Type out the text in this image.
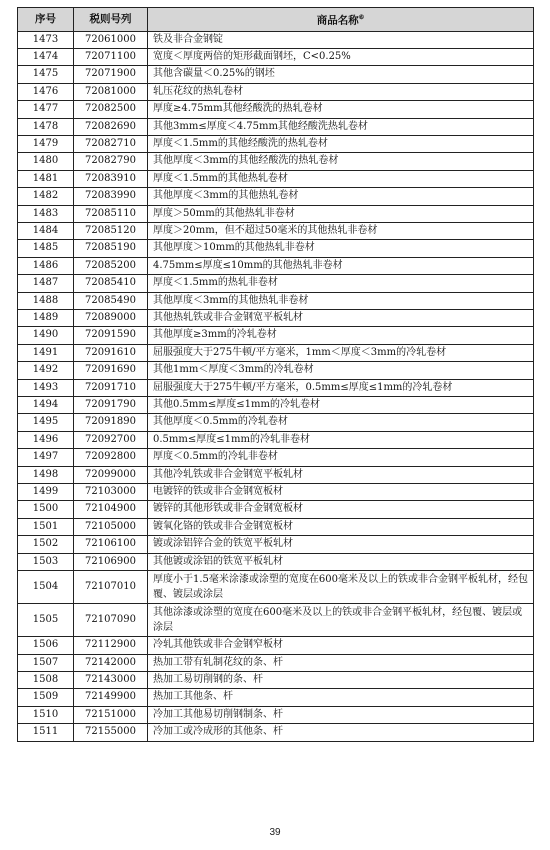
序号	税则号列	商品名称⑥
1473	72061000	铁及非合金钢锭
1474	72071100	宽度＜厚度两倍的矩形截面钢坯，C<0.25%
1475	72071900	其他含碳量＜0.25%的钢坯
1476	72081000	轧压花纹的热轧卷材
1477	72082500	厚度≥4.75mm其他经酸洗的热轧卷材
1478	72082690	其他3mm≤厚度＜4.75mm其他经酸洗热轧卷材
1479	72082710	厚度＜1.5mm的其他经酸洗的热轧卷材
1480	72082790	其他厚度＜3mm的其他经酸洗的热轧卷材
1481	72083910	厚度＜1.5mm的其他热轧卷材
1482	72083990	其他厚度＜3mm的其他热轧卷材
1483	72085110	厚度＞50mm的其他热轧非卷材
1484	72085120	厚度＞20mm，但不超过50毫米的其他热轧非卷材
1485	72085190	其他厚度＞10mm的其他热轧非卷材
1486	72085200	4.75mm≤厚度≤10mm的其他热轧非卷材
1487	72085410	厚度＜1.5mm的热轧非卷材
1488	72085490	其他厚度＜3mm的其他热轧非卷材
1489	72089000	其他热轧铁或非合金钢宽平板轧材
1490	72091590	其他厚度≥3mm的冷轧卷材
1491	72091610	屈服强度大于275牛顿/平方毫米，1mm＜厚度＜3mm的冷轧卷材
1492	72091690	其他1mm＜厚度＜3mm的冷轧卷材
1493	72091710	屈服强度大于275牛顿/平方毫米，0.5mm≤厚度≤1mm的冷轧卷材
1494	72091790	其他0.5mm≤厚度≤1mm的冷轧卷材
1495	72091890	其他厚度＜0.5mm的冷轧卷材
1496	72092700	0.5mm≤厚度≤1mm的冷轧非卷材
1497	72092800	厚度＜0.5mm的冷轧非卷材
1498	72099000	其他冷轧铁或非合金钢宽平板轧材
1499	72103000	电镀锌的铁或非合金钢宽板材
1500	72104900	镀锌的其他形铁或非合金钢宽板材
1501	72105000	镀氧化铬的铁或非合金钢宽板材
1502	72106100	镀或涂铝锌合金的铁宽平板轧材
1503	72106900	其他镀或涂铝的铁宽平板轧材
1504	72107010	厚度小于1.5毫米涂漆或涂塑的宽度在600毫米及以上的铁或非合金钢平板轧材，经包覆、镀层或涂层
1505	72107090	其他涂漆或涂塑的宽度在600毫米及以上的铁或非合金钢平板轧材，经包覆、镀层或涂层
1506	72112900	冷轧其他铁或非合金钢窄板材
1507	72142000	热加工带有轧制花纹的条、杆
1508	72143000	热加工易切削钢的条、杆
1509	72149900	热加工其他条、杆
1510	72151000	冷加工其他易切削钢制条、杆
1511	72155000	冷加工或冷成形的其他条、杆
39
